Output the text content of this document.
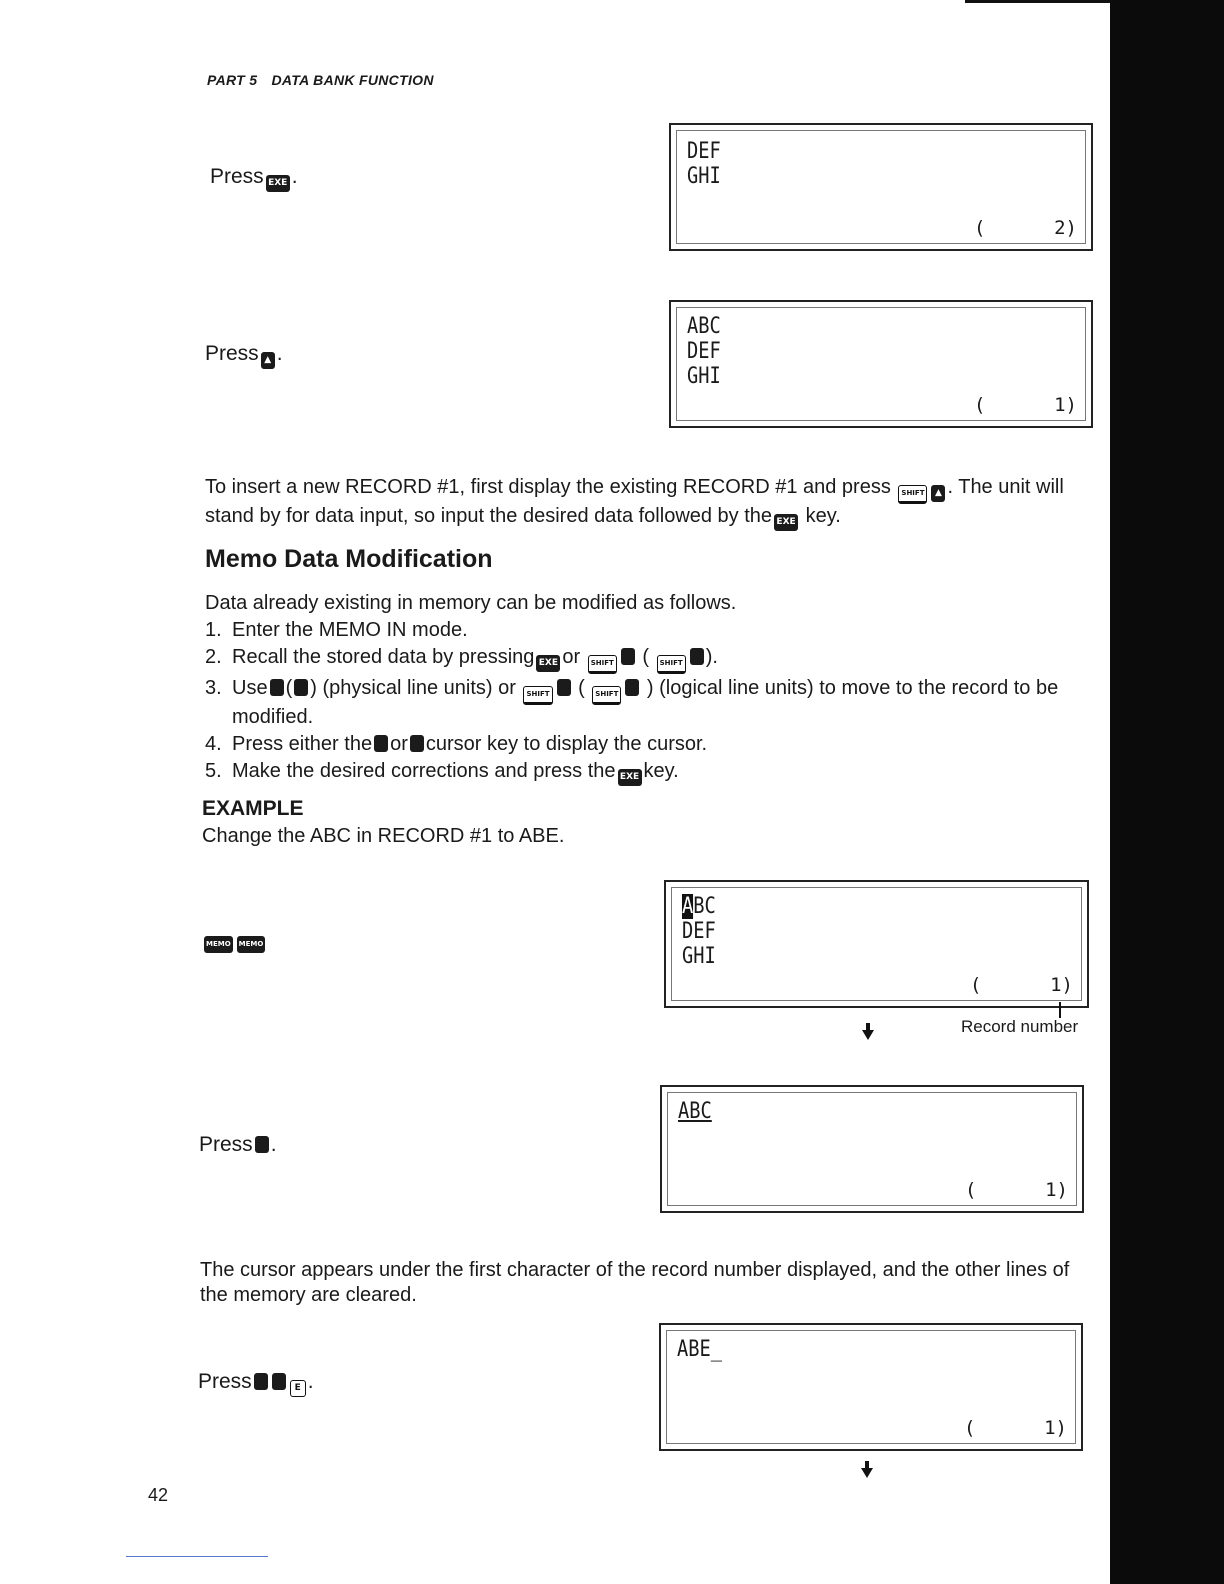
PART 5 DATA BANK FUNCTION
Press EXE .
DEF
GHI
(	2)
Press ▲ .
ABC
DEF
GHI
(	1)
To insert a new RECORD #1, first display the existing RECORD #1 and press SHIFT ▲ . The unit will stand by for data input, so input the desired data followed by the EXE key.
Memo Data Modification
Data already existing in memory can be modified as follows.
1. Enter the MEMO IN mode.
2. Recall the stored data by pressing EXE or SHIFT ( SHIFT ).
3. Use ( ) (physical line units) or SHIFT ( SHIFT ) (logical line units) to move to the record to be modified.
4. Press either the or cursor key to display the cursor.
5. Make the desired corrections and press the EXE key.
EXAMPLE
Change the ABC in RECORD #1 to ABE.
MEMO MEMO
ABC
DEF
GHI
(	1)
Record number
Press .
ABC
(	1)
The cursor appears under the first character of the record number displayed, and the other lines of the memory are cleared.
Press	E .
ABE_
(	1)
42
